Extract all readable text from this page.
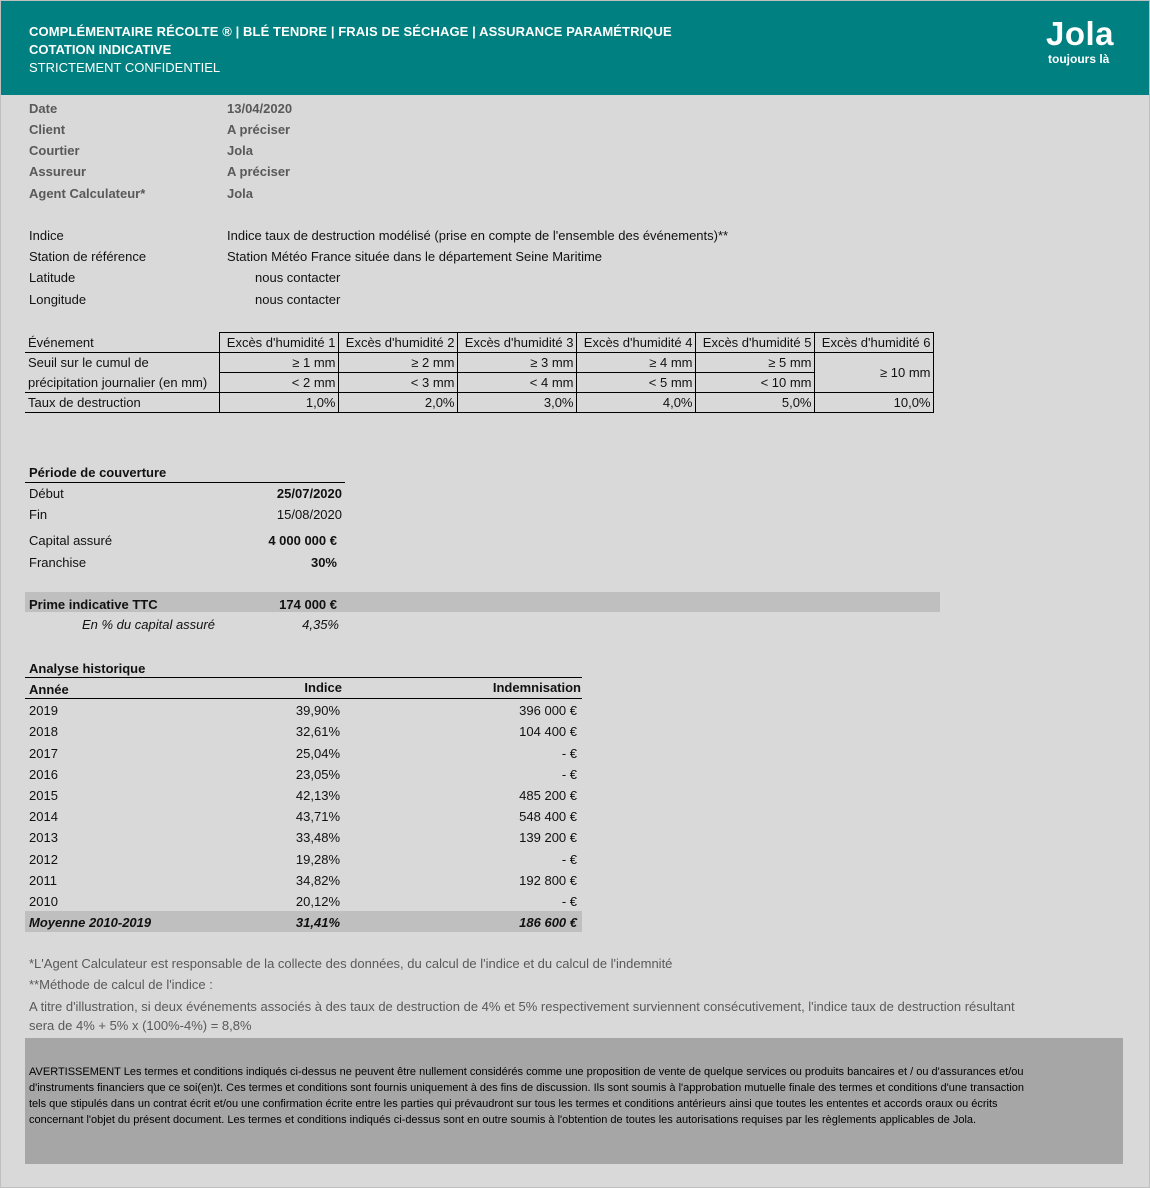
COMPLÉMENTAIRE RÉCOLTE ® | BLÉ TENDRE | FRAIS DE SÉCHAGE | ASSURANCE PARAMÉTRIQUE
COTATION INDICATIVE
STRICTEMENT CONFIDENTIEL
Jola
toujours là
Date	13/04/2020
Client	A préciser
Courtier	Jola
Assureur	A préciser
Agent Calculateur*	Jola
Indice	Indice taux de destruction modélisé (prise en compte de l'ensemble des événements)**
Station de référence	Station Météo France située dans le département Seine Maritime
Latitude	nous contacter
Longitude	nous contacter
Événement	Excès d'humidité 1	Excès d'humidité 2	Excès d'humidité 3	Excès d'humidité 4	Excès d'humidité 5	Excès d'humidité 6
Seuil sur le cumul de	≥ 1 mm	≥ 2 mm	≥ 3 mm	≥ 4 mm	≥ 5 mm	≥ 10 mm
précipitation journalier (en mm)	< 2 mm	< 3 mm	< 4 mm	< 5 mm	< 10 mm	
Taux de destruction	1,0%	2,0%	3,0%	4,0%	5,0%	10,0%
Période de couverture
Début	25/07/2020
Fin	15/08/2020
Capital assuré	4 000 000 €
Franchise	30%
Prime indicative TTC	174 000 €
En % du capital assuré	4,35%
Analyse historique
Année	Indice	Indemnisation
2019	39,90%	396 000 €
2018	32,61%	104 400 €
2017	25,04%	- €
2016	23,05%	- €
2015	42,13%	485 200 €
2014	43,71%	548 400 €
2013	33,48%	139 200 €
2012	19,28%	- €
2011	34,82%	192 800 €
2010	20,12%	- €
Moyenne 2010-2019	31,41%	186 600 €
*L'Agent Calculateur est responsable de la collecte des données, du calcul de l'indice et du calcul de l'indemnité
**Méthode de calcul de l'indice :
A titre d'illustration, si deux événements associés à des taux de destruction de 4% et 5% respectivement surviennent consécutivement, l'indice taux de destruction résultant
sera de 4% + 5% x (100%-4%) = 8,8%
AVERTISSEMENT Les termes et conditions indiqués ci-dessus ne peuvent être nullement considérés comme une proposition de vente de quelque services ou produits bancaires et / ou d'assurances et/ou d'instruments financiers que ce soi(en)t. Ces termes et conditions sont fournis uniquement à des fins de discussion. Ils sont soumis à l'approbation mutuelle finale des termes et conditions d'une transaction tels que stipulés dans un contrat écrit et/ou une confirmation écrite entre les parties qui prévaudront sur tous les termes et conditions antérieurs ainsi que toutes les ententes et accords oraux ou écrits concernant l'objet du présent document. Les termes et conditions indiqués ci-dessus sont en outre soumis à l'obtention de toutes les autorisations requises par les règlements applicables de Jola.
